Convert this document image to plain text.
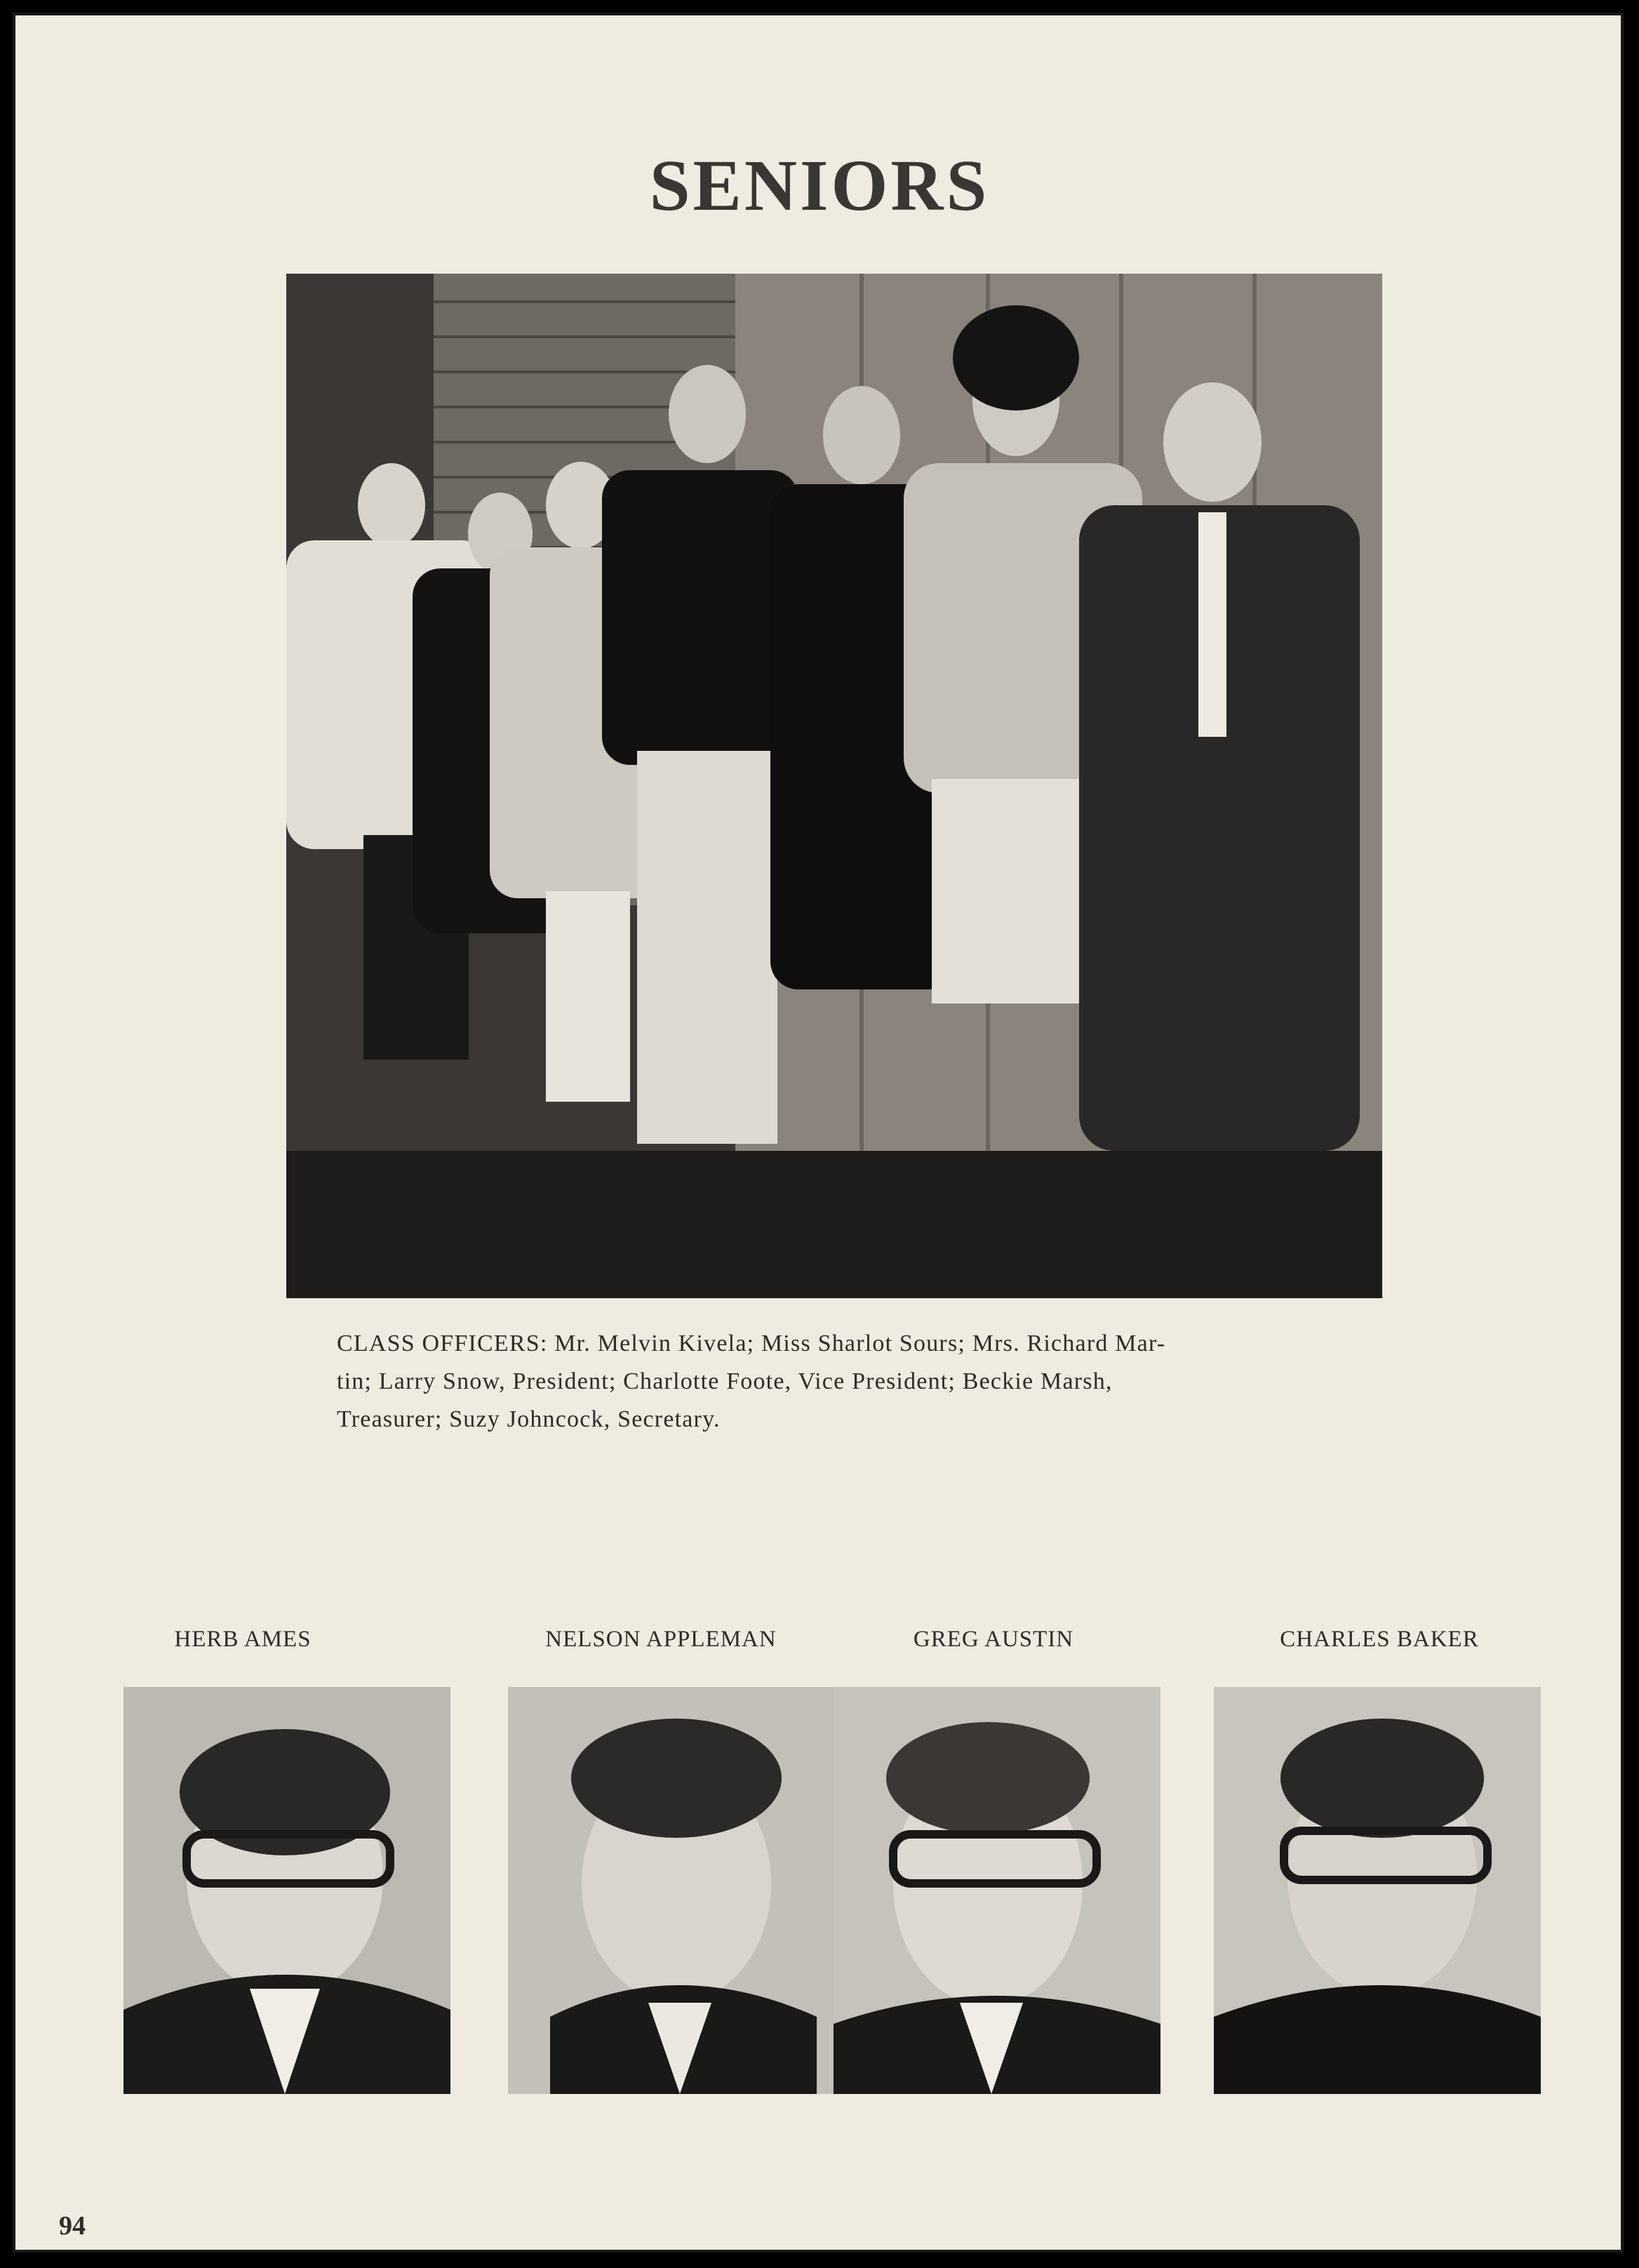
SENIORS

CLASS OFFICERS: Mr. Melvin Kivela; Miss Sharlot Sours; Mrs. Richard Mar-

tin; Larry Snow, President; Charlotte Foote, Vice President; Beckie Marsh,

Treasurer; Suzy Johncock, Secretary.

HERB AMES	NELSON APPLEMAN	GREG AUSTIN	CHARLES BAKER
94
